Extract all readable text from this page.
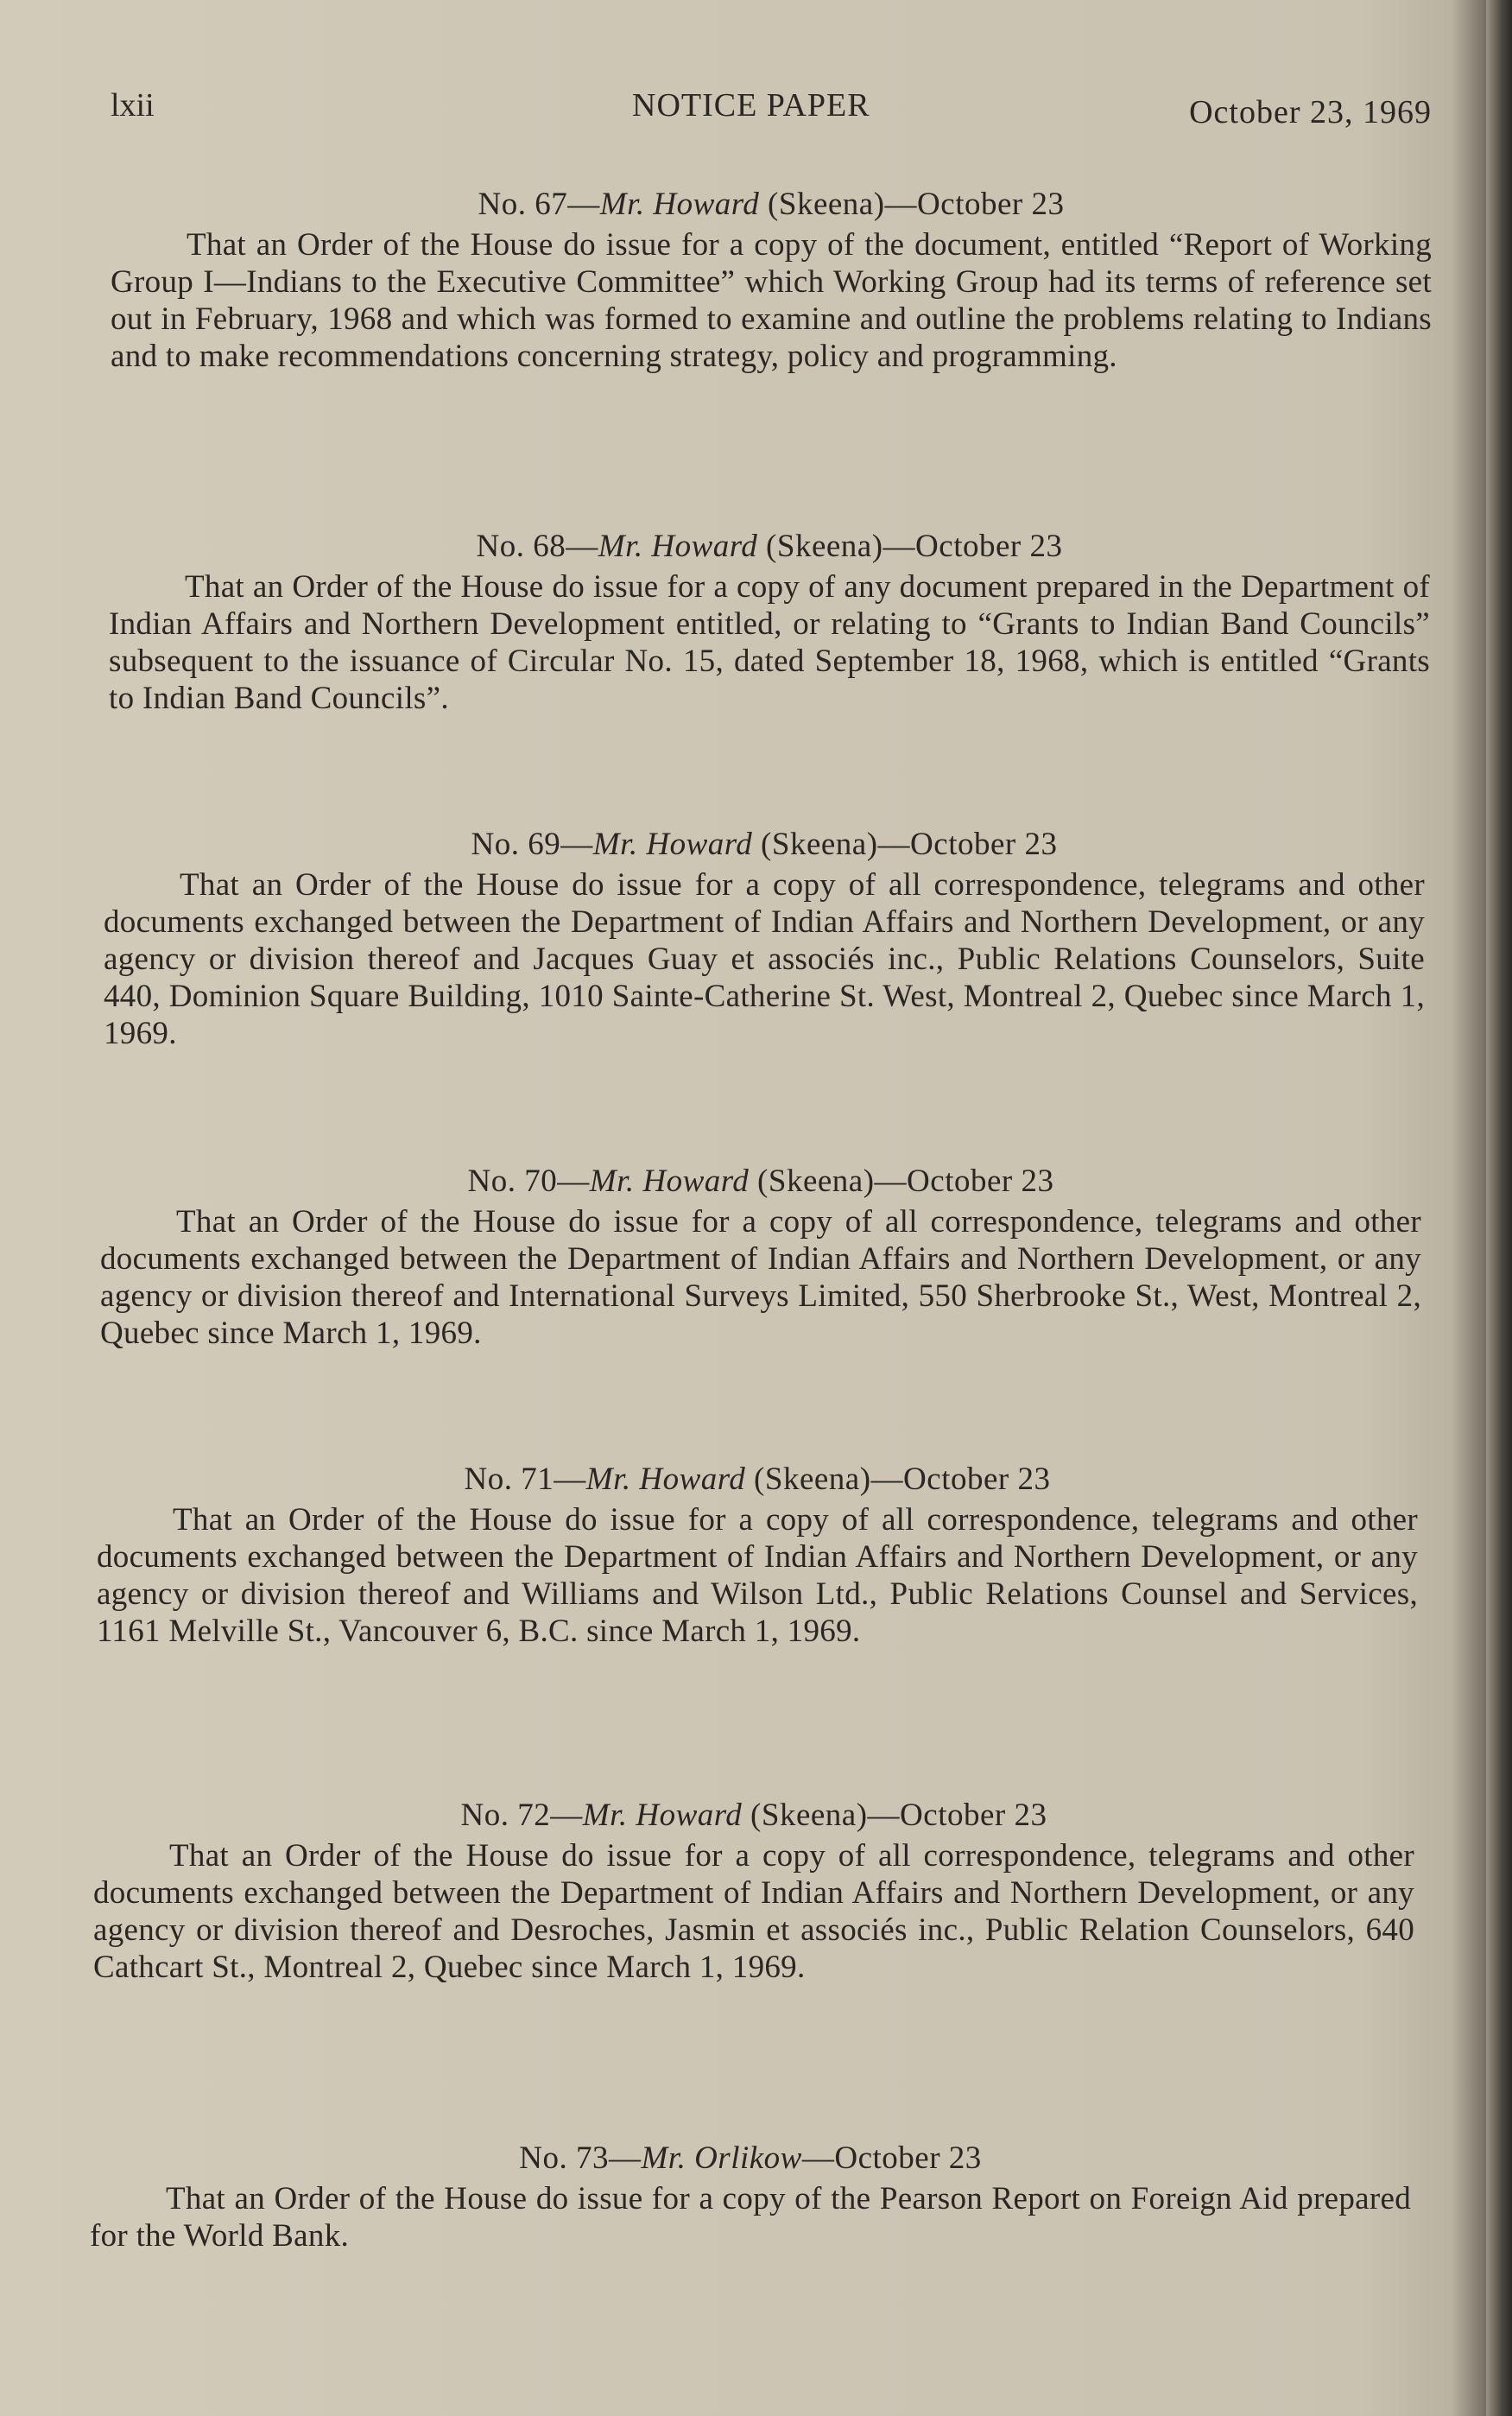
lxii	NOTICE PAPER	October 23, 1969
No. 67—Mr. Howard (Skeena)—October 23
That an Order of the House do issue for a copy of the document, entitled “Report of Working Group I—Indians to the Executive Committee” which Working Group had its terms of reference set out in February, 1968 and which was formed to examine and outline the problems relating to Indians and to make recommendations concerning strategy, policy and programming.
No. 68—Mr. Howard (Skeena)—October 23
That an Order of the House do issue for a copy of any document prepared in the Department of Indian Affairs and Northern Development entitled, or relating to “Grants to Indian Band Councils” subsequent to the issuance of Circular No. 15, dated September 18, 1968, which is entitled “Grants to Indian Band Councils”.
No. 69—Mr. Howard (Skeena)—October 23
That an Order of the House do issue for a copy of all correspondence, telegrams and other documents exchanged between the Department of Indian Affairs and Northern Development, or any agency or division thereof and Jacques Guay et associés inc., Public Relations Counselors, Suite 440, Dominion Square Building, 1010 Sainte-Catherine St. West, Montreal 2, Quebec since March 1, 1969.
No. 70—Mr. Howard (Skeena)—October 23
That an Order of the House do issue for a copy of all correspondence, telegrams and other documents exchanged between the Department of Indian Affairs and Northern Development, or any agency or division thereof and International Surveys Limited, 550 Sherbrooke St., West, Montreal 2, Quebec since March 1, 1969.
No. 71—Mr. Howard (Skeena)—October 23
That an Order of the House do issue for a copy of all correspondence, telegrams and other documents exchanged between the Department of Indian Affairs and Northern Development, or any agency or division thereof and Williams and Wilson Ltd., Public Relations Counsel and Services, 1161 Melville St., Vancouver 6, B.C. since March 1, 1969.
No. 72—Mr. Howard (Skeena)—October 23
That an Order of the House do issue for a copy of all correspondence, telegrams and other documents exchanged between the Department of Indian Affairs and Northern Development, or any agency or division thereof and Desroches, Jasmin et associés inc., Public Relation Counselors, 640 Cathcart St., Montreal 2, Quebec since March 1, 1969.
No. 73—Mr. Orlikow—October 23
That an Order of the House do issue for a copy of the Pearson Report on Foreign Aid prepared for the World Bank.
